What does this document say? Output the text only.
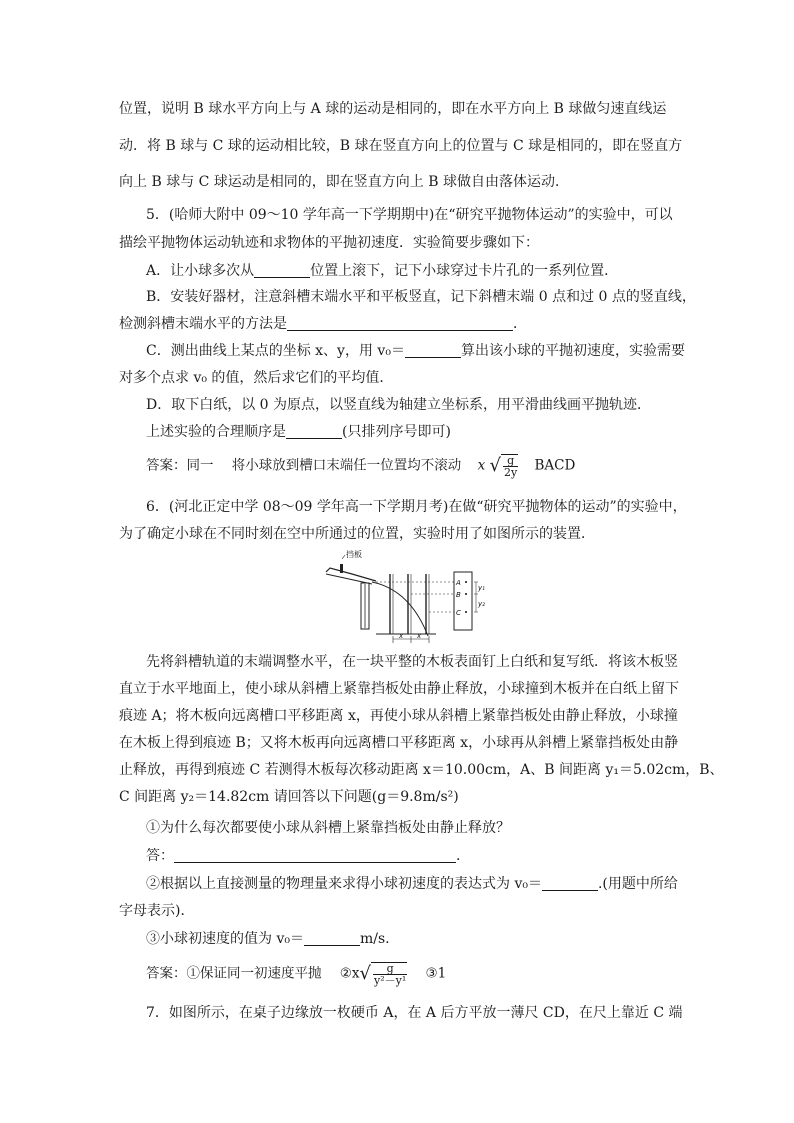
位置，说明 B 球水平方向上与 A 球的运动是相同的，即在水平方向上 B 球做匀速直线运
动．将 B 球与 C 球的运动相比较，B 球在竖直方向上的位置与 C 球是相同的，即在竖直方
向上 B 球与 C 球运动是相同的，即在竖直方向上 B 球做自由落体运动．
5．(哈师大附中 09～10 学年高一下学期期中)在“研究平抛物体运动”的实验中，可以
描绘平抛物体运动轨迹和求物体的平抛初速度．实验简要步骤如下：
A．让小球多次从	位置上滚下，记下小球穿过卡片孔的一系列位置．
B．安装好器材，注意斜槽末端水平和平板竖直，记下斜槽末端 0 点和过 0 点的竖直线，
检测斜槽末端水平的方法是	．
C．测出曲线上某点的坐标 x、y，用 v₀＝	算出该小球的平抛初速度，实验需要
对多个点求 v₀ 的值，然后求它们的平均值．
D．取下白纸，以 0 为原点，以竖直线为轴建立坐标系，用平滑曲线画平抛轨迹．
上述实验的合理顺序是	(只排列序号即可)
答案：同一 将小球放到槽口末端任一位置均不滚动 x √ $\frac{g}{2y}$ BACD
6．(河北正定中学 08～09 学年高一下学期月考)在做“研究平抛物体的运动”的实验中，
为了确定小球在不同时刻在空中所通过的位置，实验时用了如图所示的装置．
挡板
x x
A
B
C
y₁
y₂
先将斜槽轨道的末端调整水平，在一块平整的木板表面钉上白纸和复写纸．将该木板竖
直立于水平地面上，使小球从斜槽上紧靠挡板处由静止释放，小球撞到木板并在白纸上留下
痕迹 A；将木板向远离槽口平移距离 x，再使小球从斜槽上紧靠挡板处由静止释放，小球撞
在木板上得到痕迹 B；又将木板再向远离槽口平移距离 x，小球再从斜槽上紧靠挡板处由静
止释放，再得到痕迹 C 若测得木板每次移动距离 x＝10.00cm，A、B 间距离 y₁＝5.02cm，B、
C 间距离 y₂＝14.82cm 请回答以下问题(g＝9.8m/s²)
①为什么每次都要使小球从斜槽上紧靠挡板处由静止释放？
答：	.
②根据以上直接测量的物理量来求得小球初速度的表达式为 v₀＝	.(用题中所给
字母表示)．
③小球初速度的值为 v₀＝	m/s.
答案：①保证同一初速度平抛 ②x√ $\frac{g}{\text{y²－y¹}}$ ③1
7．如图所示，在桌子边缘放一枚硬币 A，在 A 后方平放一薄尺 CD，在尺上靠近 C 端
